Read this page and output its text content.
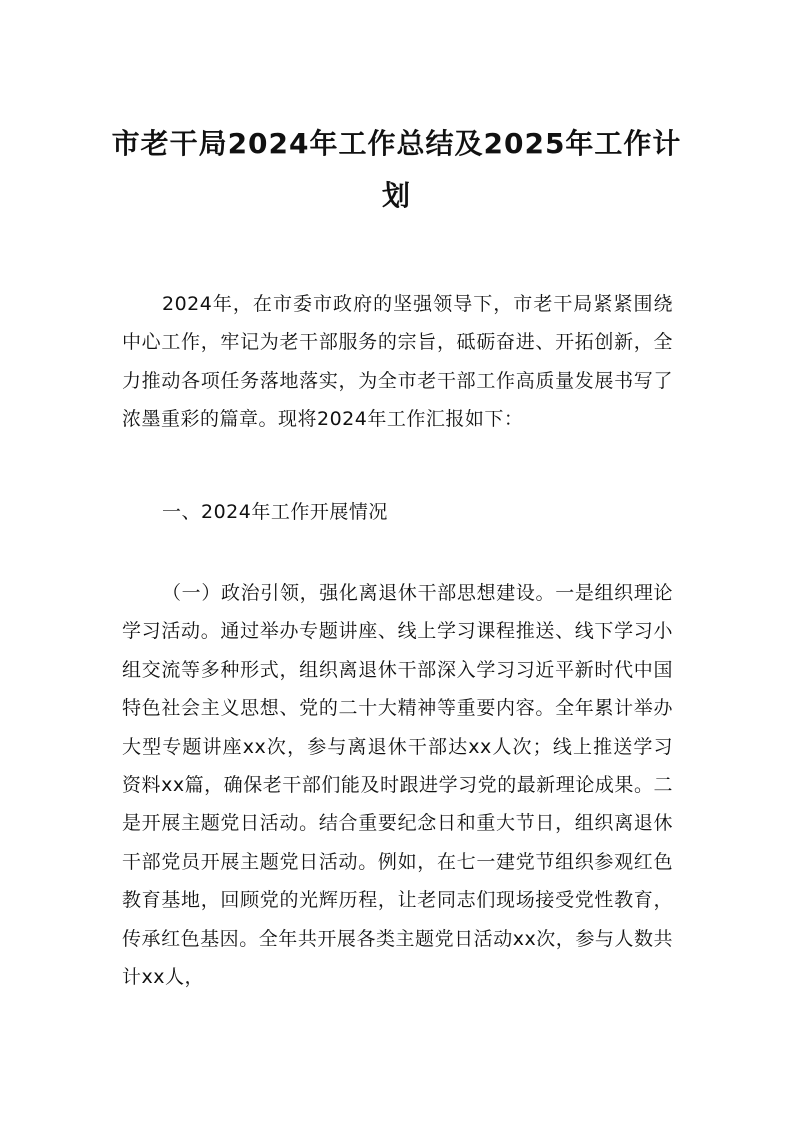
市老干局2024年工作总结及2025年工作计划

2024年，在市委市政府的坚强领导下，市老干局紧紧围绕中心工作，牢记为老干部服务的宗旨，砥砺奋进、开拓创新，全力推动各项任务落地落实，为全市老干部工作高质量发展书写了浓墨重彩的篇章。现将2024年工作汇报如下：

一、2024年工作开展情况

（一）政治引领，强化离退休干部思想建设。一是组织理论学习活动。通过举办专题讲座、线上学习课程推送、线下学习小组交流等多种形式，组织离退休干部深入学习习近平新时代中国特色社会主义思想、党的二十大精神等重要内容。全年累计举办大型专题讲座xx次，参与离退休干部达xx人次；线上推送学习资料xx篇，确保老干部们能及时跟进学习党的最新理论成果。二是开展主题党日活动。结合重要纪念日和重大节日，组织离退休干部党员开展主题党日活动。例如，在七一建党节组织参观红色教育基地，回顾党的光辉历程，让老同志们现场接受党性教育，传承红色基因。全年共开展各类主题党日活动xx次，参与人数共计xx人，
